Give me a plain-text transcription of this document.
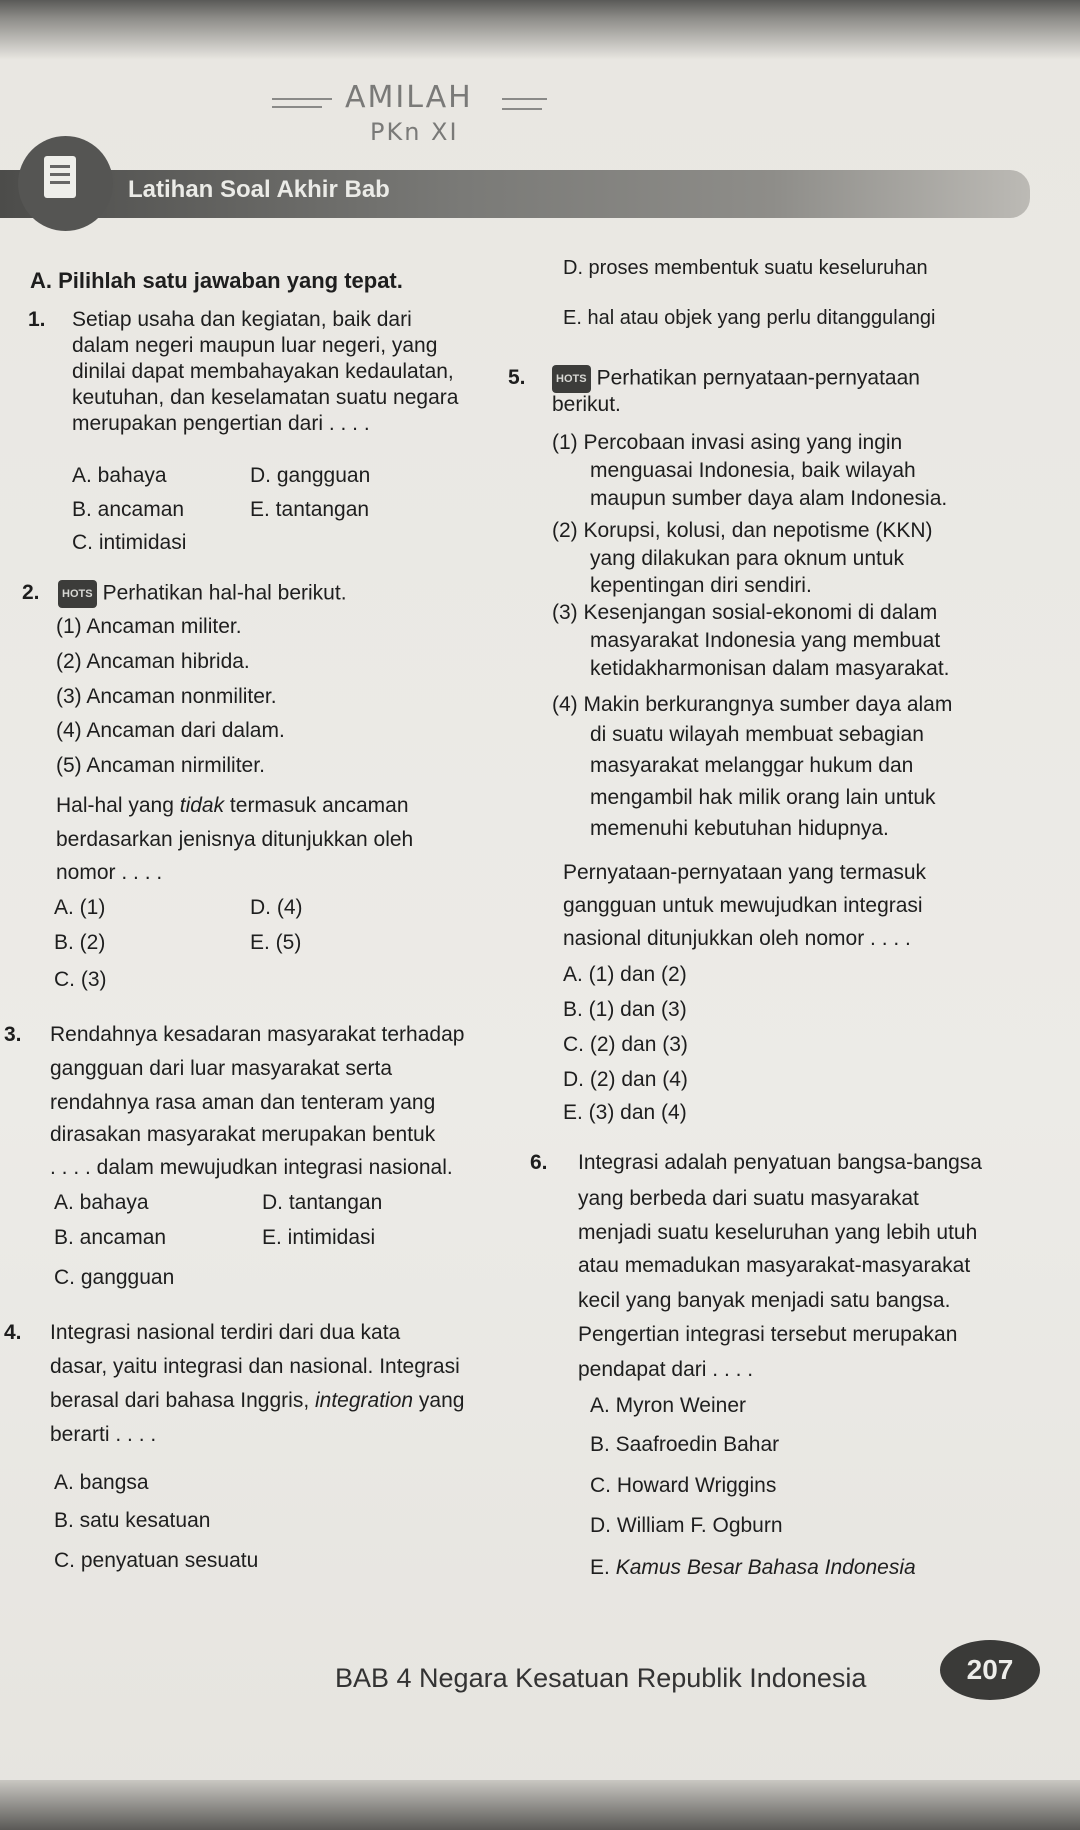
AMILAH
PKn XI
Latihan Soal Akhir Bab
A. Pilihlah satu jawaban yang tepat.
1. Setiap usaha dan kegiatan, baik dari
dalam negeri maupun luar negeri, yang
dinilai dapat membahayakan kedaulatan,
keutuhan, dan keselamatan suatu negara
merupakan pengertian dari . . . .
A. bahaya
B. ancaman
C. intimidasi
D. gangguan
E. tantangan
2.	HOTS Perhatikan hal-hal berikut.
(1) Ancaman militer.
(2) Ancaman hibrida.
(3) Ancaman nonmiliter.
(4) Ancaman dari dalam.
(5) Ancaman nirmiliter.
Hal-hal yang tidak termasuk ancaman
berdasarkan jenisnya ditunjukkan oleh
nomor . . . .
A. (1)
B. (2)
C. (3)
D. (4)
E. (5)
3. Rendahnya kesadaran masyarakat terhadap
gangguan dari luar masyarakat serta
rendahnya rasa aman dan tenteram yang
dirasakan masyarakat merupakan bentuk
. . . . dalam mewujudkan integrasi nasional.
A. bahaya
B. ancaman
C. gangguan
D. tantangan
E. intimidasi
4. Integrasi nasional terdiri dari dua kata
dasar, yaitu integrasi dan nasional. Integrasi
berasal dari bahasa Inggris, integration yang
berarti . . . .
A. bangsa
B. satu kesatuan
C. penyatuan sesuatu
D. proses membentuk suatu keseluruhan
E. hal atau objek yang perlu ditanggulangi
5.	HOTS Perhatikan pernyataan-pernyataan
berikut.
(1) Percobaan invasi asing yang ingin
menguasai Indonesia, baik wilayah
maupun sumber daya alam Indonesia.
(2) Korupsi, kolusi, dan nepotisme (KKN)
yang dilakukan para oknum untuk
kepentingan diri sendiri.
(3) Kesenjangan sosial-ekonomi di dalam
masyarakat Indonesia yang membuat
ketidakharmonisan dalam masyarakat.
(4) Makin berkurangnya sumber daya alam
di suatu wilayah membuat sebagian
masyarakat melanggar hukum dan
mengambil hak milik orang lain untuk
memenuhi kebutuhan hidupnya.
Pernyataan-pernyataan yang termasuk
gangguan untuk mewujudkan integrasi
nasional ditunjukkan oleh nomor . . . .
A. (1) dan (2)
B. (1) dan (3)
C. (2) dan (3)
D. (2) dan (4)
E. (3) dan (4)
6. Integrasi adalah penyatuan bangsa-bangsa
yang berbeda dari suatu masyarakat
menjadi suatu keseluruhan yang lebih utuh
atau memadukan masyarakat-masyarakat
kecil yang banyak menjadi satu bangsa.
Pengertian integrasi tersebut merupakan
pendapat dari . . . .
A. Myron Weiner
B. Saafroedin Bahar
C. Howard Wriggins
D. William F. Ogburn
E. Kamus Besar Bahasa Indonesia
BAB 4 Negara Kesatuan Republik Indonesia	207
